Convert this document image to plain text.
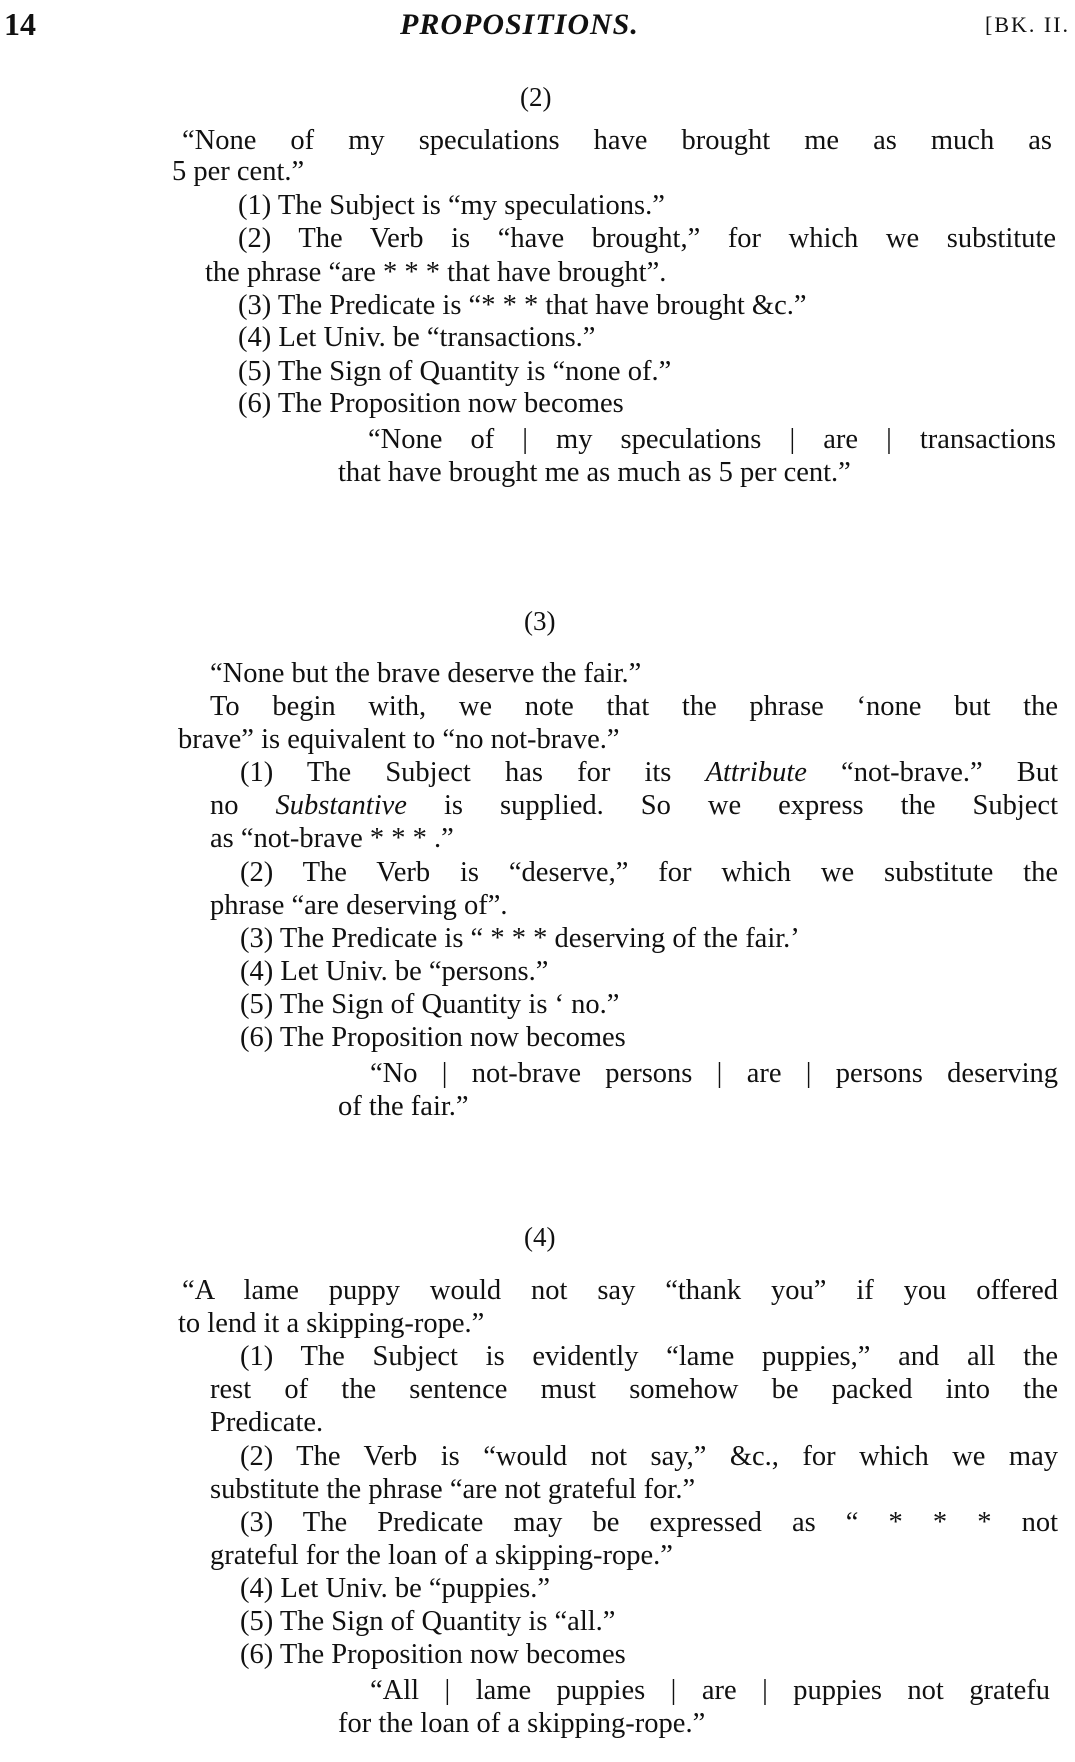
14	PROPOSITIONS.	[BK. II.
(2)
“None of my speculations have brought me as much as
5 per cent.”
(1) The Subject is “my speculations.”
(2) The Verb is “have brought,” for which we substitute
the phrase “are * * * that have brought”.
(3) The Predicate is “* * * that have brought &c.”
(4) Let Univ. be “transactions.”
(5) The Sign of Quantity is “none of.”
(6) The Proposition now becomes
“None of | my speculations | are | transactions
that have brought me as much as 5 per cent.”
(3)
“None but the brave deserve the fair.”
To begin with, we note that the phrase ‘none but the
brave” is equivalent to “no not-brave.”
(1) The Subject has for its Attribute “not-brave.” But
no Substantive is supplied. So we express the Subject
as “not-brave * * * .”
(2) The Verb is “deserve,” for which we substitute the
phrase “are deserving of”.
(3) The Predicate is “ * * * deserving of the fair.’
(4) Let Univ. be “persons.”
(5) The Sign of Quantity is ‘ no.”
(6) The Proposition now becomes
“No | not-brave persons | are | persons deserving
of the fair.”
(4)
“A lame puppy would not say “thank you” if you offered
to lend it a skipping-rope.”
(1) The Subject is evidently “lame puppies,” and all the
rest of the sentence must somehow be packed into the
Predicate.
(2) The Verb is “would not say,” &c., for which we may
substitute the phrase “are not grateful for.”
(3) The Predicate may be expressed as “ * * * not
grateful for the loan of a skipping-rope.”
(4) Let Univ. be “puppies.”
(5) The Sign of Quantity is “all.”
(6) The Proposition now becomes
“All | lame puppies | are | puppies not gratefu
for the loan of a skipping-rope.”
